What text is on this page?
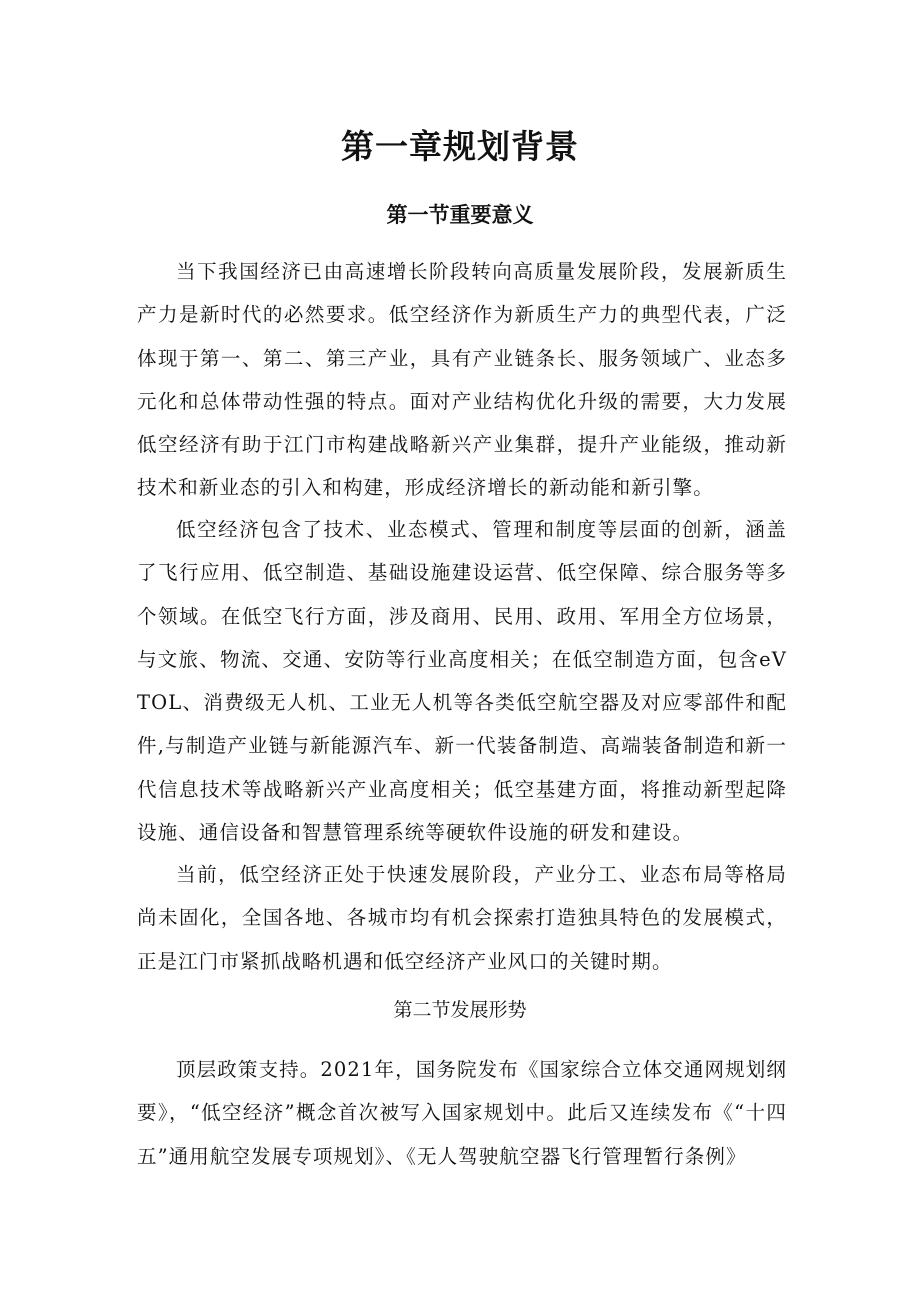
第一章规划背景
第一节重要意义

当下我国经济已由高速增长阶段转向高质量发展阶段，发展新质生产力是新时代的必然要求。低空经济作为新质生产力的典型代表，广泛体现于第一、第二、第三产业，具有产业链条长、服务领域广、业态多元化和总体带动性强的特点。面对产业结构优化升级的需要，大力发展低空经济有助于江门市构建战略新兴产业集群，提升产业能级，推动新技术和新业态的引入和构建，形成经济增长的新动能和新引擎。

低空经济包含了技术、业态模式、管理和制度等层面的创新，涵盖了飞行应用、低空制造、基础设施建设运营、低空保障、综合服务等多个领域。在低空飞行方面，涉及商用、民用、政用、军用全方位场景，与文旅、物流、交通、安防等行业高度相关；在低空制造方面，包含eVTOL、消费级无人机、工业无人机等各类低空航空器及对应零部件和配件,与制造产业链与新能源汽车、新一代装备制造、高端装备制造和新一代信息技术等战略新兴产业高度相关；低空基建方面，将推动新型起降设施、通信设备和智慧管理系统等硬软件设施的研发和建设。

当前，低空经济正处于快速发展阶段，产业分工、业态布局等格局尚未固化，全国各地、各城市均有机会探索打造独具特色的发展模式，正是江门市紧抓战略机遇和低空经济产业风口的关键时期。

第二节发展形势

顶层政策支持。2021年，国务院发布《国家综合立体交通网规划纲要》，“低空经济”概念首次被写入国家规划中。此后又连续发布《“十四五”通用航空发展专项规划》、《无人驾驶航空器飞行管理暂行条例》
